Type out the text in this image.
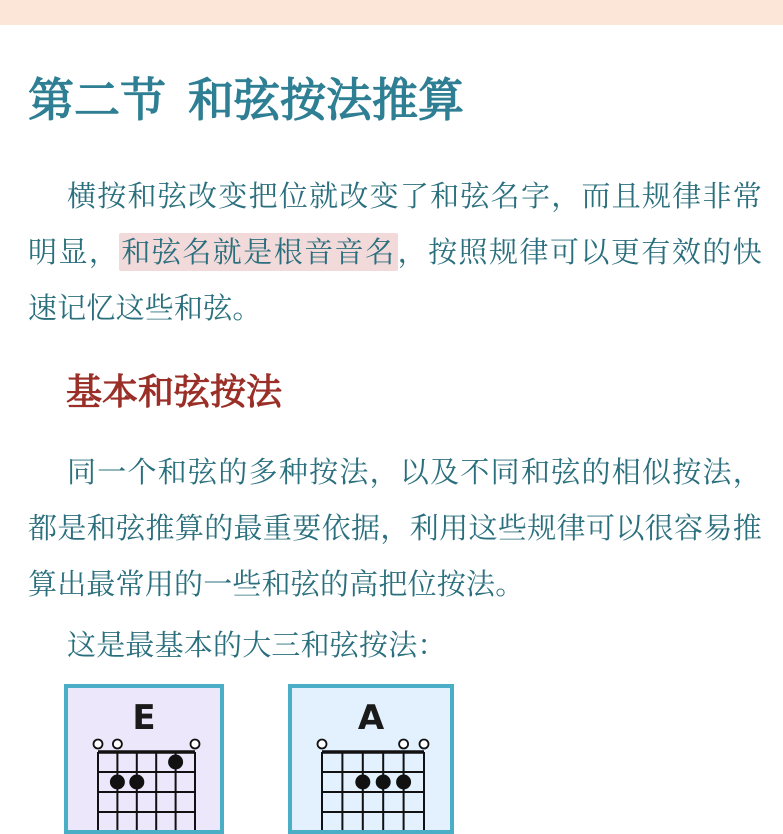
第二节 和弦按法推算

横按和弦改变把位就改变了和弦名字，而且规律非常明显，和弦名就是根音音名，按照规律可以更有效的快速记忆这些和弦。

基本和弦按法

同一个和弦的多种按法，以及不同和弦的相似按法，都是和弦推算的最重要依据，利用这些规律可以很容易推算出最常用的一些和弦的高把位按法。

这是最基本的大三和弦按法：

E	A
